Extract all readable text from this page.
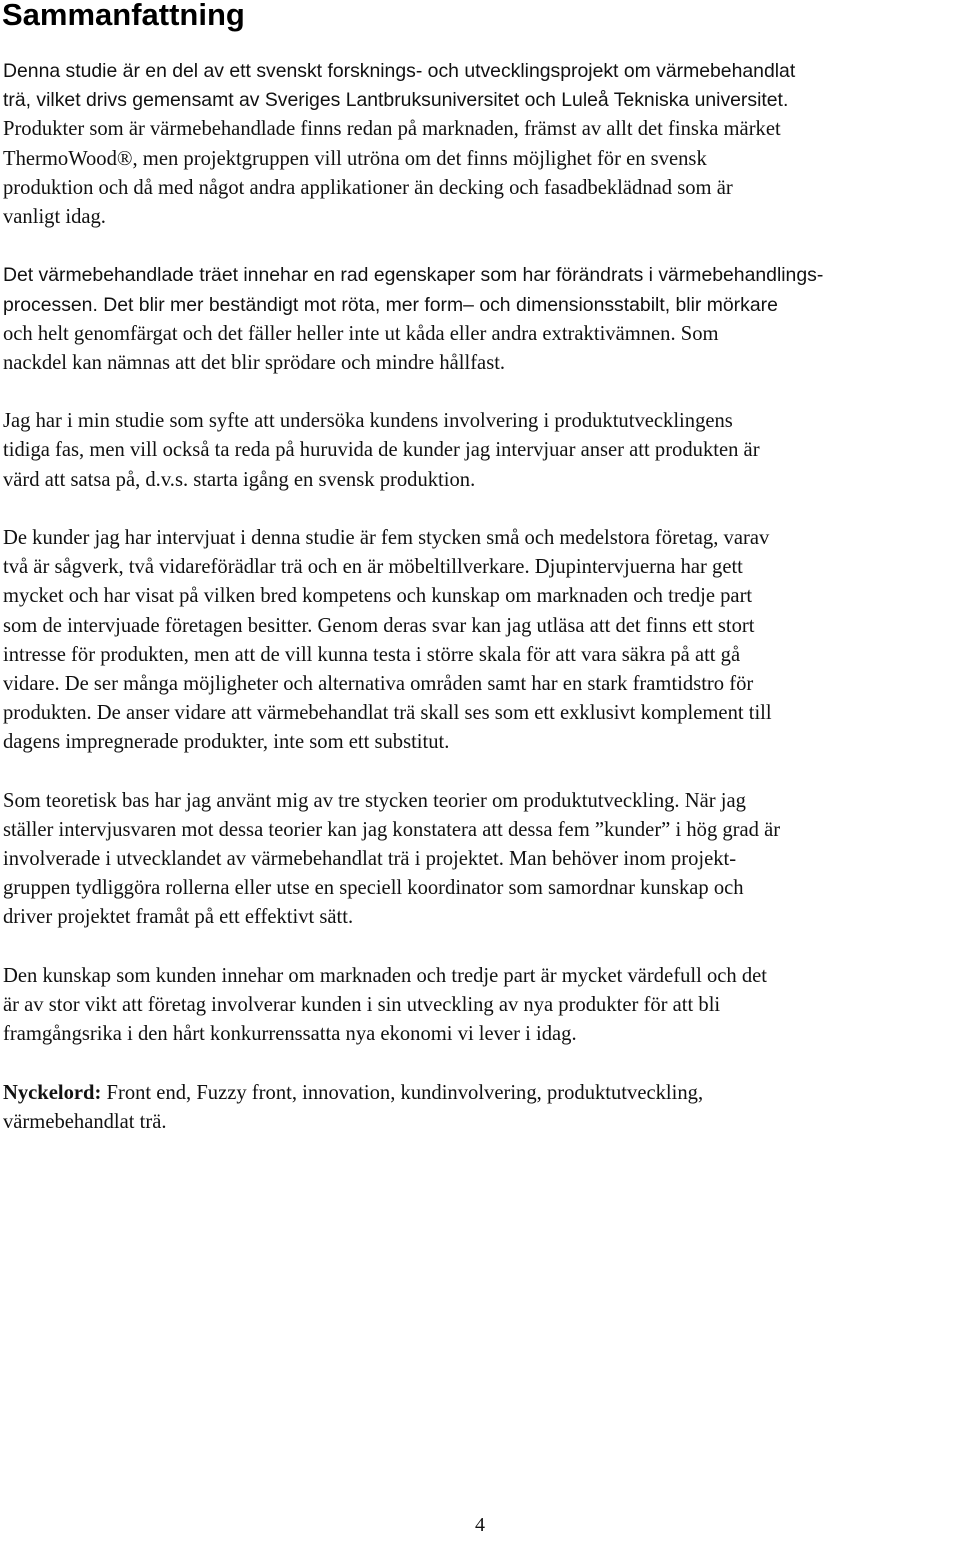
Sammanfattning

Denna studie är en del av ett svenskt forsknings- och utvecklingsprojekt om värmebehandlat
trä, vilket drivs gemensamt av Sveriges Lantbruksuniversitet och Luleå Tekniska universitet.
Produkter som är värmebehandlade finns redan på marknaden, främst av allt det finska märket
ThermoWood®, men projektgruppen vill utröna om det finns möjlighet för en svensk
produktion och då med något andra applikationer än decking och fasadbeklädnad som är
vanligt idag.

Det värmebehandlade träet innehar en rad egenskaper som har förändrats i värmebehandlings-
processen. Det blir mer beständigt mot röta, mer form– och dimensionsstabilt, blir mörkare
och helt genomfärgat och det fäller heller inte ut kåda eller andra extraktivämnen. Som
nackdel kan nämnas att det blir sprödare och mindre hållfast.

Jag har i min studie som syfte att undersöka kundens involvering i produktutvecklingens
tidiga fas, men vill också ta reda på huruvida de kunder jag intervjuar anser att produkten är
värd att satsa på, d.v.s. starta igång en svensk produktion.

De kunder jag har intervjuat i denna studie är fem stycken små och medelstora företag, varav
två är sågverk, två vidareförädlar trä och en är möbeltillverkare. Djupintervjuerna har gett
mycket och har visat på vilken bred kompetens och kunskap om marknaden och tredje part
som de intervjuade företagen besitter. Genom deras svar kan jag utläsa att det finns ett stort
intresse för produkten, men att de vill kunna testa i större skala för att vara säkra på att gå
vidare. De ser många möjligheter och alternativa områden samt har en stark framtidstro för
produkten. De anser vidare att värmebehandlat trä skall ses som ett exklusivt komplement till
dagens impregnerade produkter, inte som ett substitut.

Som teoretisk bas har jag använt mig av tre stycken teorier om produktutveckling. När jag
ställer intervjusvaren mot dessa teorier kan jag konstatera att dessa fem ”kunder” i hög grad är
involverade i utvecklandet av värmebehandlat trä i projektet. Man behöver inom projekt-
gruppen tydliggöra rollerna eller utse en speciell koordinator som samordnar kunskap och
driver projektet framåt på ett effektivt sätt.

Den kunskap som kunden innehar om marknaden och tredje part är mycket värdefull och det
är av stor vikt att företag involverar kunden i sin utveckling av nya produkter för att bli
framgångsrika i den hårt konkurrenssatta nya ekonomi vi lever i idag.

Nyckelord: Front end, Fuzzy front, innovation, kundinvolvering, produktutveckling,
värmebehandlat trä.

4
